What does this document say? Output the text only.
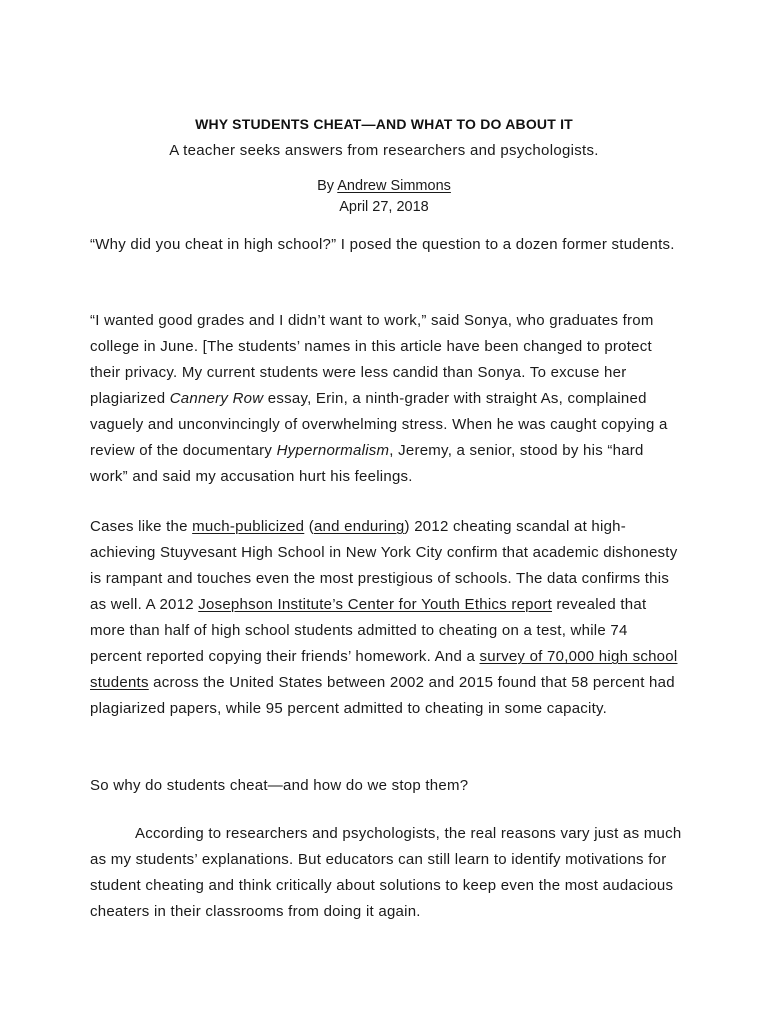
WHY STUDENTS CHEAT—AND WHAT TO DO ABOUT IT
A teacher seeks answers from researchers and psychologists.
By Andrew Simmons
April 27, 2018

“Why did you cheat in high school?” I posed the question to a dozen former students.

“I wanted good grades and I didn’t want to work,” said Sonya, who graduates from college in June. [The students’ names in this article have been changed to protect their privacy. My current students were less candid than Sonya. To excuse her plagiarized Cannery Row essay, Erin, a ninth-grader with straight As, complained vaguely and unconvincingly of overwhelming stress. When he was caught copying a review of the documentary Hypernormalism, Jeremy, a senior, stood by his “hard work” and said my accusation hurt his feelings.

Cases like the much-publicized (and enduring) 2012 cheating scandal at high-achieving Stuyvesant High School in New York City confirm that academic dishonesty is rampant and touches even the most prestigious of schools. The data confirms this as well. A 2012 Josephson Institute’s Center for Youth Ethics report revealed that more than half of high school students admitted to cheating on a test, while 74 percent reported copying their friends’ homework. And a survey of 70,000 high school students across the United States between 2002 and 2015 found that 58 percent had plagiarized papers, while 95 percent admitted to cheating in some capacity.

So why do students cheat—and how do we stop them?

According to researchers and psychologists, the real reasons vary just as much as my students’ explanations. But educators can still learn to identify motivations for student cheating and think critically about solutions to keep even the most audacious cheaters in their classrooms from doing it again.
